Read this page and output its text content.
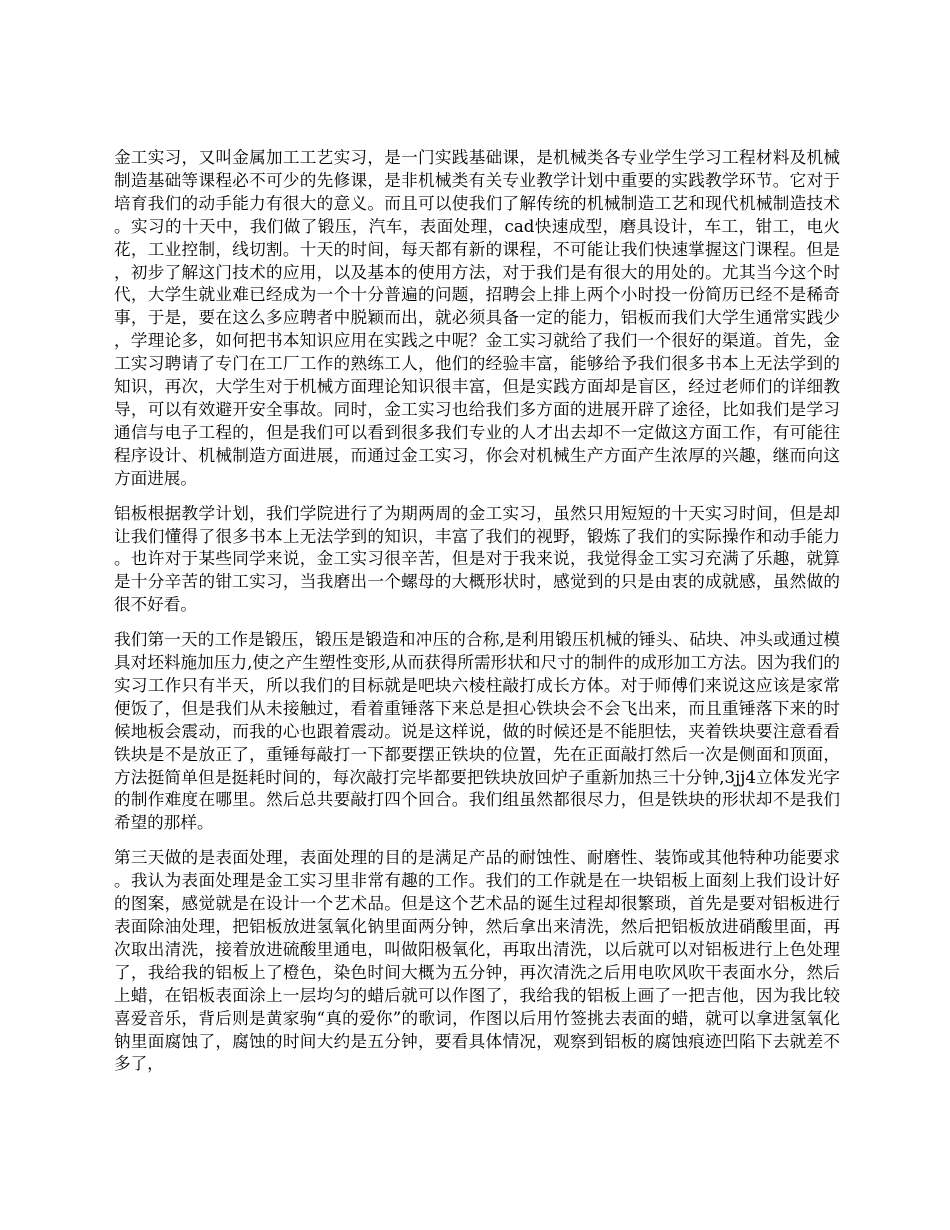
金工实习，又叫金属加工工艺实习，是一门实践基础课，是机械类各专业学生学习工程材料及机械制造基础等课程必不可少的先修课，是非机械类有关专业教学计划中重要的实践教学环节。它对于培育我们的动手能力有很大的意义。而且可以使我们了解传统的机械制造工艺和现代机械制造技术。实习的十天中，我们做了锻压，汽车，表面处理，cad快速成型，磨具设计，车工，钳工，电火花，工业控制，线切割。十天的时间，每天都有新的课程，不可能让我们快速掌握这门课程。但是，初步了解这门技术的应用，以及基本的使用方法，对于我们是有很大的用处的。尤其当今这个时代，大学生就业难已经成为一个十分普遍的问题，招聘会上排上两个小时投一份简历已经不是稀奇事，于是，要在这么多应聘者中脱颖而出，就必须具备一定的能力，铝板而我们大学生通常实践少，学理论多，如何把书本知识应用在实践之中呢？金工实习就给了我们一个很好的渠道。首先，金工实习聘请了专门在工厂工作的熟练工人，他们的经验丰富，能够给予我们很多书本上无法学到的知识，再次，大学生对于机械方面理论知识很丰富，但是实践方面却是盲区，经过老师们的详细教导，可以有效避开安全事故。同时，金工实习也给我们多方面的进展开辟了途径，比如我们是学习通信与电子工程的，但是我们可以看到很多我们专业的人才出去却不一定做这方面工作，有可能往程序设计、机械制造方面进展，而通过金工实习，你会对机械生产方面产生浓厚的兴趣，继而向这方面进展。

铝板根据教学计划，我们学院进行了为期两周的金工实习，虽然只用短短的十天实习时间，但是却让我们懂得了很多书本上无法学到的知识，丰富了我们的视野，锻炼了我们的实际操作和动手能力。也许对于某些同学来说，金工实习很辛苦，但是对于我来说，我觉得金工实习充满了乐趣，就算是十分辛苦的钳工实习，当我磨出一个螺母的大概形状时，感觉到的只是由衷的成就感，虽然做的很不好看。

我们第一天的工作是锻压，锻压是锻造和冲压的合称,是利用锻压机械的锤头、砧块、冲头或通过模具对坯料施加压力,使之产生塑性变形,从而获得所需形状和尺寸的制件的成形加工方法。因为我们的实习工作只有半天，所以我们的目标就是吧块六棱柱敲打成长方体。对于师傅们来说这应该是家常便饭了，但是我们从未接触过，看着重锤落下来总是担心铁块会不会飞出来，而且重锤落下来的时候地板会震动，而我的心也跟着震动。说是这样说，做的时候还是不能胆怯，夹着铁块要注意看看铁块是不是放正了，重锤每敲打一下都要摆正铁块的位置，先在正面敲打然后一次是侧面和顶面，方法挺简单但是挺耗时间的，每次敲打完毕都要把铁块放回炉子重新加热三十分钟,3jj4立体发光字的制作难度在哪里。然后总共要敲打四个回合。我们组虽然都很尽力，但是铁块的形状却不是我们希望的那样。

第三天做的是表面处理，表面处理的目的是满足产品的耐蚀性、耐磨性、装饰或其他特种功能要求。我认为表面处理是金工实习里非常有趣的工作。我们的工作就是在一块铝板上面刻上我们设计好的图案，感觉就是在设计一个艺术品。但是这个艺术品的诞生过程却很繁琐，首先是要对铝板进行表面除油处理，把铝板放进氢氧化钠里面两分钟，然后拿出来清洗，然后把铝板放进硝酸里面，再次取出清洗，接着放进硫酸里通电，叫做阳极氧化，再取出清洗，以后就可以对铝板进行上色处理了，我给我的铝板上了橙色，染色时间大概为五分钟，再次清洗之后用电吹风吹干表面水分，然后上蜡，在铝板表面涂上一层均匀的蜡后就可以作图了，我给我的铝板上画了一把吉他，因为我比较喜爱音乐，背后则是黄家驹“真的爱你”的歌词，作图以后用竹签挑去表面的蜡，就可以拿进氢氧化钠里面腐蚀了，腐蚀的时间大约是五分钟，要看具体情况，观察到铝板的腐蚀痕迹凹陷下去就差不多了，
